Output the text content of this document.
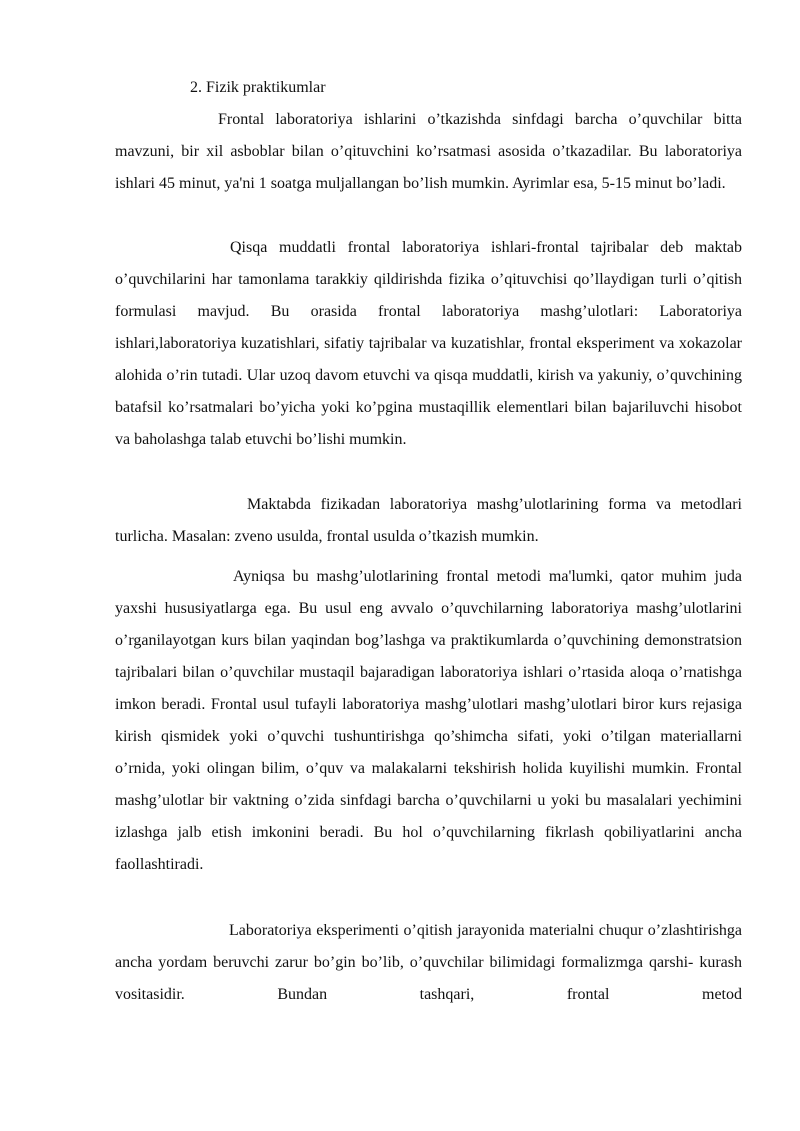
2. Fizik praktikumlar

Frontal laboratoriya ishlarini o’tkazishda sinfdagi barcha o’quvchilar bitta mavzuni, bir xil asboblar bilan o’qituvchini ko’rsatmasi asosida o’tkazadilar. Bu laboratoriya ishlari 45 minut, ya'ni 1 soatga muljallangan bo’lish mumkin. Ayrimlar esa, 5-15 minut bo’ladi.

Qisqa muddatli frontal laboratoriya ishlari-frontal tajribalar deb maktab o’quvchilarini har tamonlama tarakkiy qildirishda fizika o’qituvchisi qo’llaydigan turli o’qitish formulasi mavjud. Bu orasida frontal laboratoriya mashg’ulotlari: Laboratoriya ishlari,laboratoriya kuzatishlari, sifatiy tajribalar va kuzatishlar, frontal eksperiment va xokazolar alohida o’rin tutadi. Ular uzoq davom etuvchi va qisqa muddatli, kirish va yakuniy, o’quvchining batafsil ko’rsatmalari bo’yicha yoki ko’pgina mustaqillik elementlari bilan bajariluvchi hisobot va baholashga talab etuvchi bo’lishi mumkin.

Maktabda fizikadan laboratoriya mashg’ulotlarining forma va metodlari turlicha. Masalan: zveno usulda, frontal usulda o’tkazish mumkin.

Ayniqsa bu mashg’ulotlarining frontal metodi ma'lumki, qator muhim juda yaxshi hususiyatlarga ega. Bu usul eng avvalo o’quvchilarning laboratoriya mashg’ulotlarini o’rganilayotgan kurs bilan yaqindan bog’lashga va praktikumlarda o’quvchining demonstratsion tajribalari bilan o’quvchilar mustaqil bajaradigan laboratoriya ishlari o’rtasida aloqa o’rnatishga imkon beradi. Frontal usul tufayli laboratoriya mashg’ulotlari mashg’ulotlari biror kurs rejasiga kirish qismidek yoki o’quvchi tushuntirishga qo’shimcha sifati, yoki o’tilgan materiallarni o’rnida, yoki olingan bilim, o’quv va malakalarni tekshirish holida kuyilishi mumkin. Frontal mashg’ulotlar bir vaktning o’zida sinfdagi barcha o’quvchilarni u yoki bu masalalari yechimini izlashga jalb etish imkonini beradi. Bu hol o’quvchilarning fikrlash qobiliyatlarini ancha faollashtiradi.

Laboratoriya eksperimenti o’qitish jarayonida materialni chuqur o’zlashtirishga ancha yordam beruvchi zarur bo’gin bo’lib, o’quvchilar bilimidagi formalizmga qarshi- kurash vositasidir. Bundan tashqari, frontal metod
